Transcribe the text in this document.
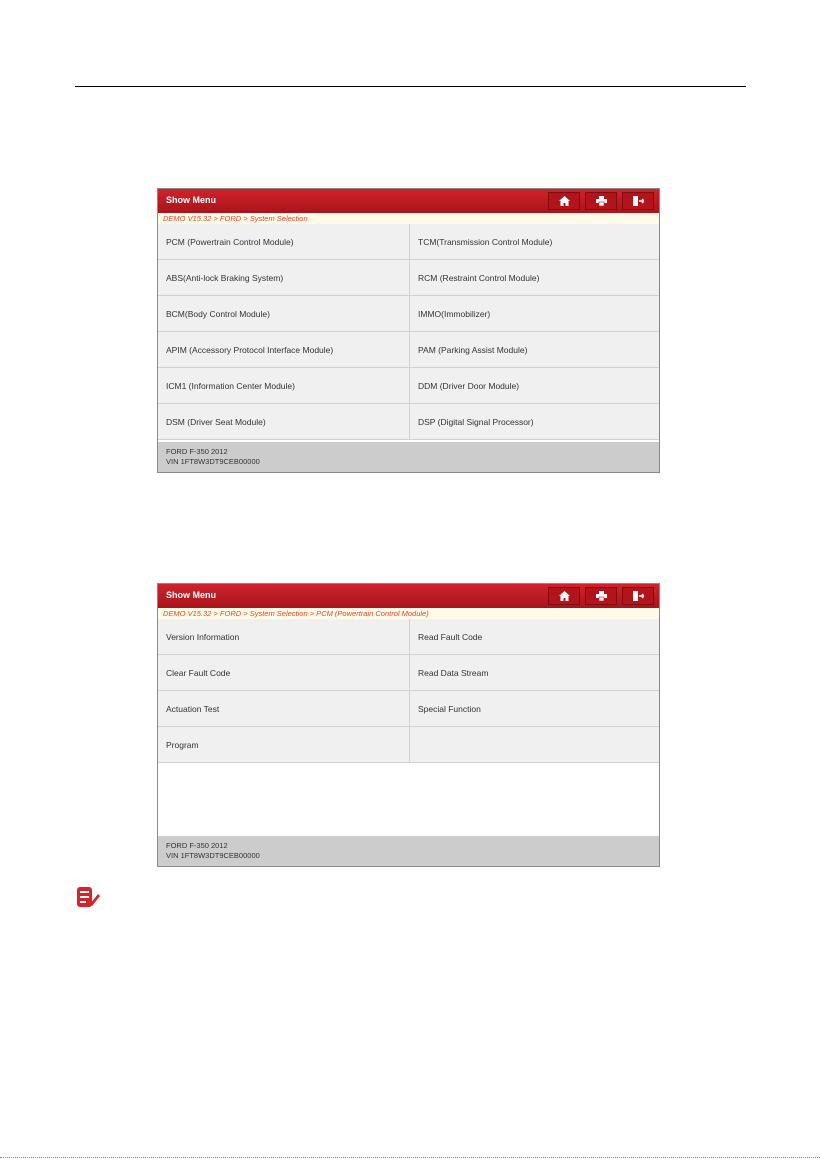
Show Menu
DEMO V15.32 > FORD > System Selection
PCM (Powertrain Control Module)	TCM(Transmission Control Module)
ABS(Anti-lock Braking System)	RCM (Restraint Control Module)
BCM(Body Control Module)	IMMO(Immobilizer)
APIM (Accessory Protocol Interface Module)	PAM (Parking Assist Module)
ICM1 (Information Center Module)	DDM (Driver Door Module)
DSM (Driver Seat Module)	DSP (Digital Signal Processor)
FORD F-350 2012
VIN 1FT8W3DT9CEB00000
Show Menu
DEMO V15.32 > FORD > System Selection > PCM (Powertrain Control Module)
Version Information	Read Fault Code
Clear Fault Code	Read Data Stream
Actuation Test	Special Function
Program
FORD F-350 2012
VIN 1FT8W3DT9CEB00000
